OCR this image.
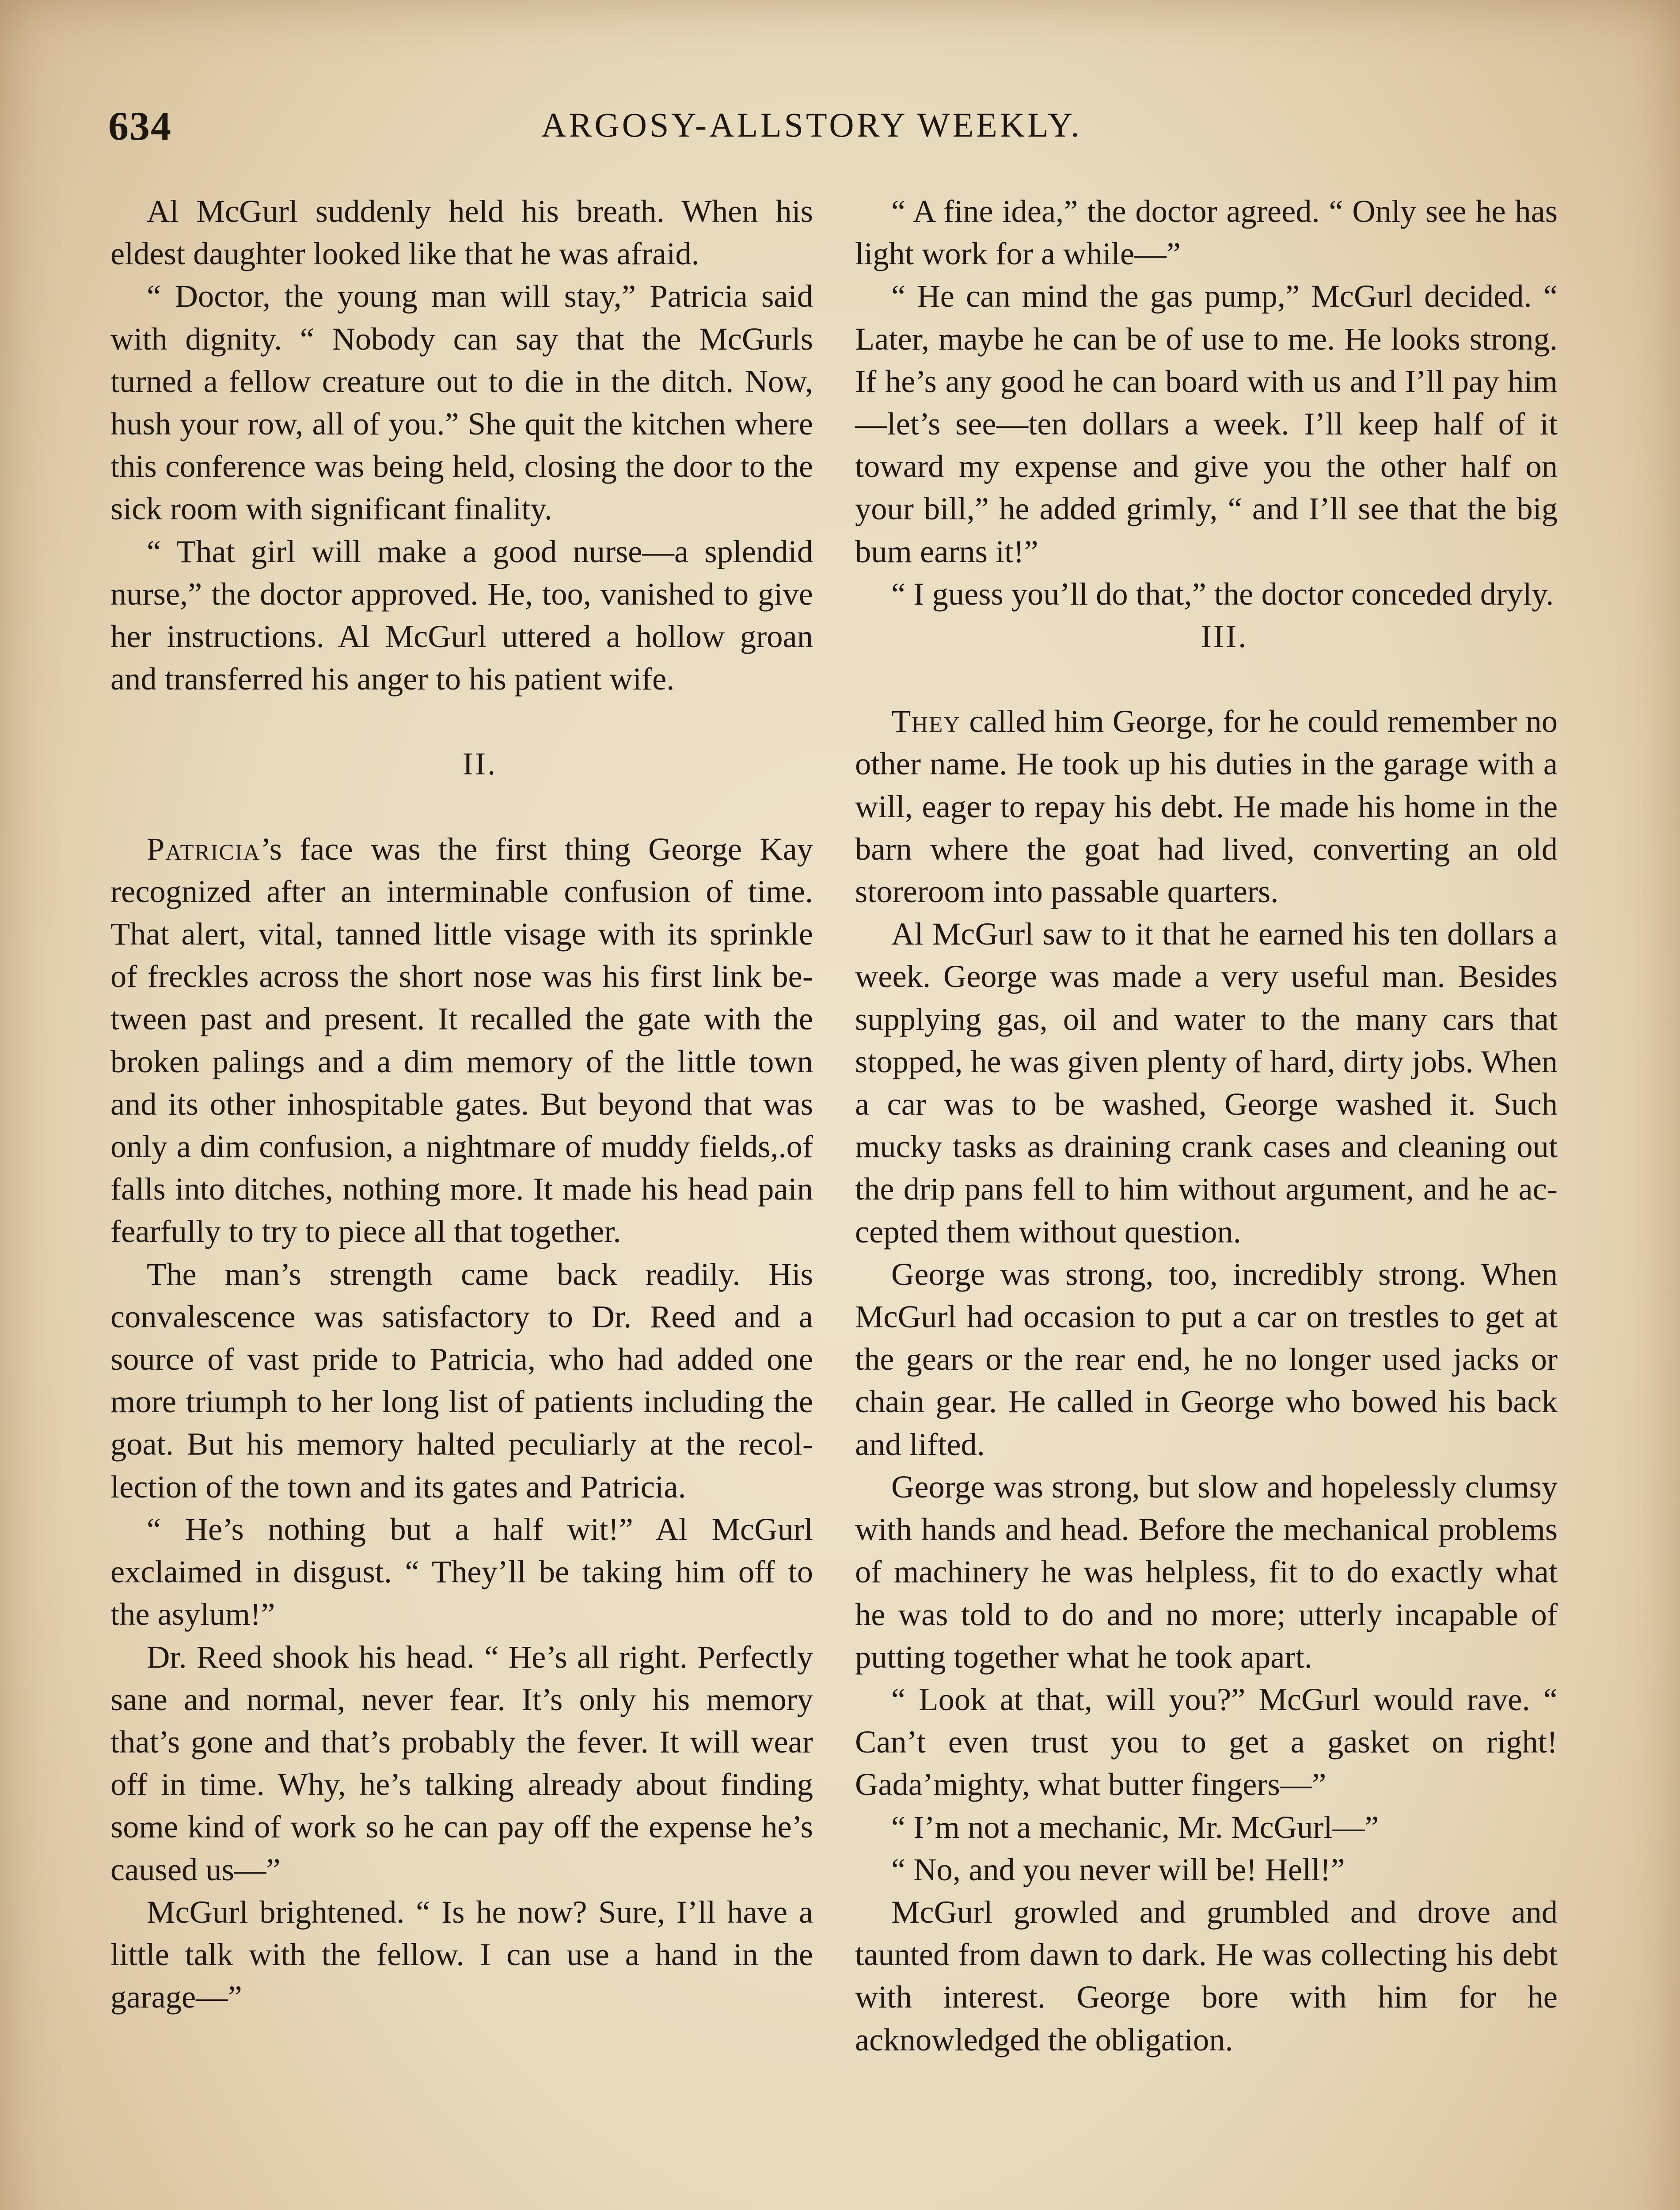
634	ARGOSY-ALLSTORY WEEKLY.

Al McGurl suddenly held his breath. When his eldest daughter looked like that he was afraid.

“ Doctor, the young man will stay,” Patricia said with dignity. “ Nobody can say that the McGurls turned a fellow creature out to die in the ditch. Now, hush your row, all of you.” She quit the kitchen where this conference was being held, closing the door to the sick room with significant finality.

“ That girl will make a good nurse—a splendid nurse,” the doctor approved. He, too, vanished to give her instructions. Al McGurl uttered a hollow groan and transferred his anger to his patient wife.

II.

Patricia’s face was the first thing George Kay recognized after an interminable confusion of time. That alert, vital, tanned little visage with its sprinkle of freckles across the short nose was his first link between past and present. It recalled the gate with the broken palings and a dim memory of the little town and its other inhospitable gates. But beyond that was only a dim confusion, a nightmare of muddy fields,.of falls into ditches, nothing more. It made his head pain fearfully to try to piece all that together.

The man’s strength came back readily. His convalescence was satisfactory to Dr. Reed and a source of vast pride to Patricia, who had added one more triumph to her long list of patients including the goat. But his memory halted peculiarly at the recollection of the town and its gates and Patricia.

“ He’s nothing but a half wit!” Al McGurl exclaimed in disgust. “ They’ll be taking him off to the asylum!”

Dr. Reed shook his head. “ He’s all right. Perfectly sane and normal, never fear. It’s only his memory that’s gone and that’s probably the fever. It will wear off in time. Why, he’s talking already about finding some kind of work so he can pay off the expense he’s caused us—”

McGurl brightened. “ Is he now? Sure, I’ll have a little talk with the fellow. I can use a hand in the garage—”

“ A fine idea,” the doctor agreed. “ Only see he has light work for a while—”

“ He can mind the gas pump,” McGurl decided. “ Later, maybe he can be of use to me. He looks strong. If he’s any good he can board with us and I’ll pay him—let’s see—ten dollars a week. I’ll keep half of it toward my expense and give you the other half on your bill,” he added grimly, “ and I’ll see that the big bum earns it!”

“ I guess you’ll do that,” the doctor conceded dryly.

III.

They called him George, for he could remember no other name. He took up his duties in the garage with a will, eager to repay his debt. He made his home in the barn where the goat had lived, converting an old storeroom into passable quarters.

Al McGurl saw to it that he earned his ten dollars a week. George was made a very useful man. Besides supplying gas, oil and water to the many cars that stopped, he was given plenty of hard, dirty jobs. When a car was to be washed, George washed it. Such mucky tasks as draining crank cases and cleaning out the drip pans fell to him without argument, and he accepted them without question.

George was strong, too, incredibly strong. When McGurl had occasion to put a car on trestles to get at the gears or the rear end, he no longer used jacks or chain gear. He called in George who bowed his back and lifted.

George was strong, but slow and hopelessly clumsy with hands and head. Before the mechanical problems of machinery he was helpless, fit to do exactly what he was told to do and no more; utterly incapable of putting together what he took apart.

“ Look at that, will you?” McGurl would rave. “ Can’t even trust you to get a gasket on right! Gada’mighty, what butter fingers—”

“ I’m not a mechanic, Mr. McGurl—”

“ No, and you never will be! Hell!”

McGurl growled and grumbled and drove and taunted from dawn to dark. He was collecting his debt with interest. George bore with him for he acknowledged the obligation.
